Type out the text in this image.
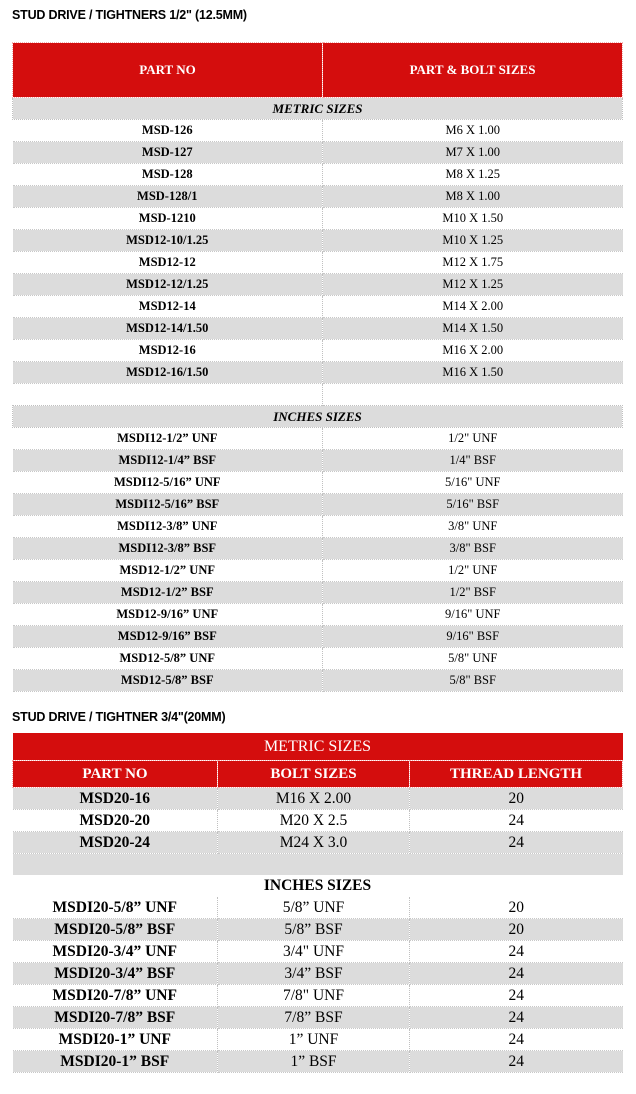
STUD DRIVE / TIGHTNERS 1/2" (12.5MM)
PART NO	PART & BOLT SIZES
METRIC SIZES	
MSD-126	M6 X 1.00
MSD-127	M7 X 1.00
MSD-128	M8 X 1.25
MSD-128/1	M8 X 1.00
MSD-1210	M10 X 1.50
MSD12-10/1.25	M10 X 1.25
MSD12-12	M12 X 1.75
MSD12-12/1.25	M12 X 1.25
MSD12-14	M14 X 2.00
MSD12-14/1.50	M14 X 1.50
MSD12-16	M16 X 2.00
MSD12-16/1.50	M16 X 1.50

INCHES SIZES	
MSDI12-1/2” UNF	1/2" UNF
MSDI12-1/4” BSF	1/4" BSF
MSDI12-5/16” UNF	5/16" UNF
MSDI12-5/16” BSF	5/16" BSF
MSDI12-3/8” UNF	3/8" UNF
MSDI12-3/8” BSF	3/8" BSF
MSD12-1/2” UNF	1/2" UNF
MSD12-1/2” BSF	1/2" BSF
MSD12-9/16” UNF	9/16" UNF
MSD12-9/16” BSF	9/16" BSF
MSD12-5/8” UNF	5/8" UNF
MSD12-5/8” BSF	5/8" BSF
STUD DRIVE / TIGHTNER 3/4"(20MM)
METRIC SIZES		
PART NO	BOLT SIZES	THREAD LENGTH
MSD20-16	M16 X 2.00	20
MSD20-20	M20 X 2.5	24
MSD20-24	M24 X 3.0	24

INCHES SIZES		
MSDI20-5/8” UNF	5/8” UNF	20
MSDI20-5/8” BSF	5/8” BSF	20
MSDI20-3/4” UNF	3/4" UNF	24
MSDI20-3/4” BSF	3/4” BSF	24
MSDI20-7/8” UNF	7/8" UNF	24
MSDI20-7/8” BSF	7/8” BSF	24
MSDI20-1” UNF	1” UNF	24
MSDI20-1” BSF	1” BSF	24
